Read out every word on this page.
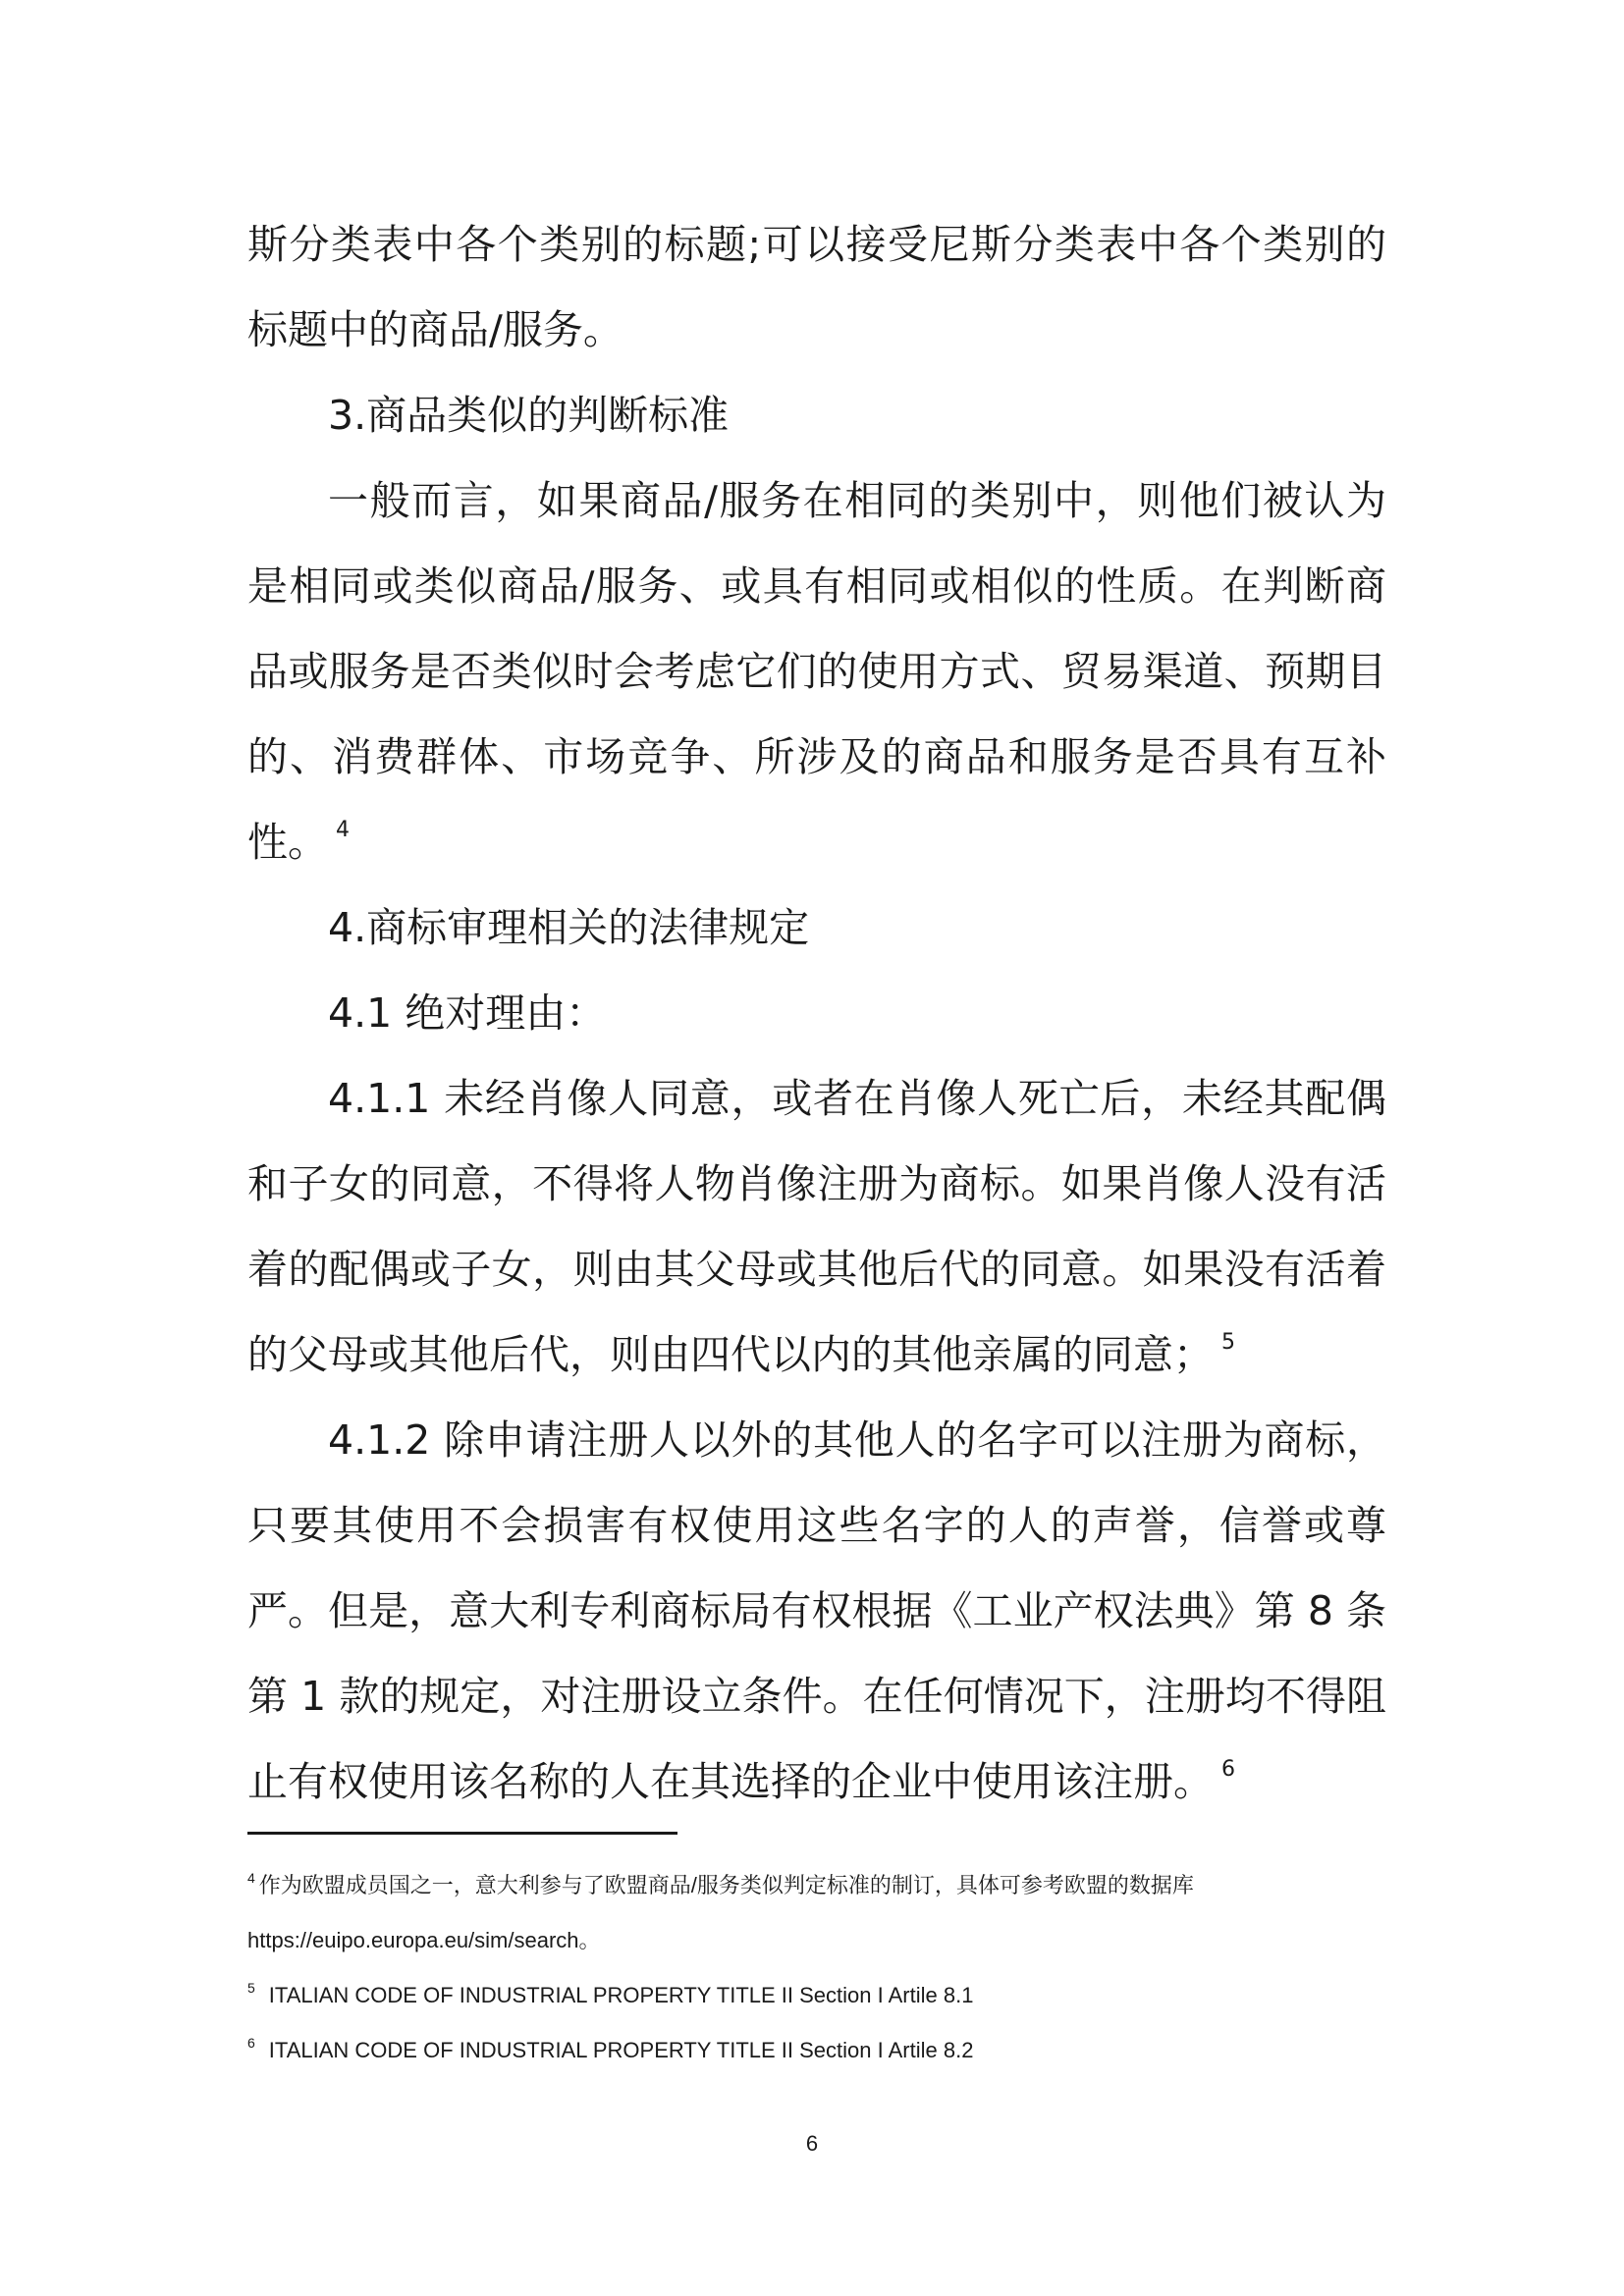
斯分类表中各个类别的标题;可以接受尼斯分类表中各个类别的标题中的商品/服务。

3.商品类似的判断标准

一般而言，如果商品/服务在相同的类别中，则他们被认为是相同或类似商品/服务、或具有相同或相似的性质。在判断商品或服务是否类似时会考虑它们的使用方式、贸易渠道、预期目的、消费群体、市场竞争、所涉及的商品和服务是否具有互补性。 $^4$

4.商标审理相关的法律规定

4.1 绝对理由：

4.1.1 未经肖像人同意，或者在肖像人死亡后，未经其配偶和子女的同意，不得将人物肖像注册为商标。如果肖像人没有活着的配偶或子女，则由其父母或其他后代的同意。如果没有活着的父母或其他后代，则由四代以内的其他亲属的同意； $^5$

4.1.2 除申请注册人以外的其他人的名字可以注册为商标，只要其使用不会损害有权使用这些名字的人的声誉，信誉或尊严。但是，意大利专利商标局有权根据《工业产权法典》第 8 条第 1 款的规定，对注册设立条件。在任何情况下，注册均不得阻止有权使用该名称的人在其选择的企业中使用该注册。 $^6$

$^4$ 作为欧盟成员国之一，意大利参与了欧盟商品/服务类似判定标准的制订，具体可参考欧盟的数据库

https://euipo.europa.eu/sim/search。

$^5$ ITALIAN CODE OF INDUSTRIAL PROPERTY TITLE II Section I Artile 8.1

$^6$ ITALIAN CODE OF INDUSTRIAL PROPERTY TITLE II Section I Artile 8.2

6
